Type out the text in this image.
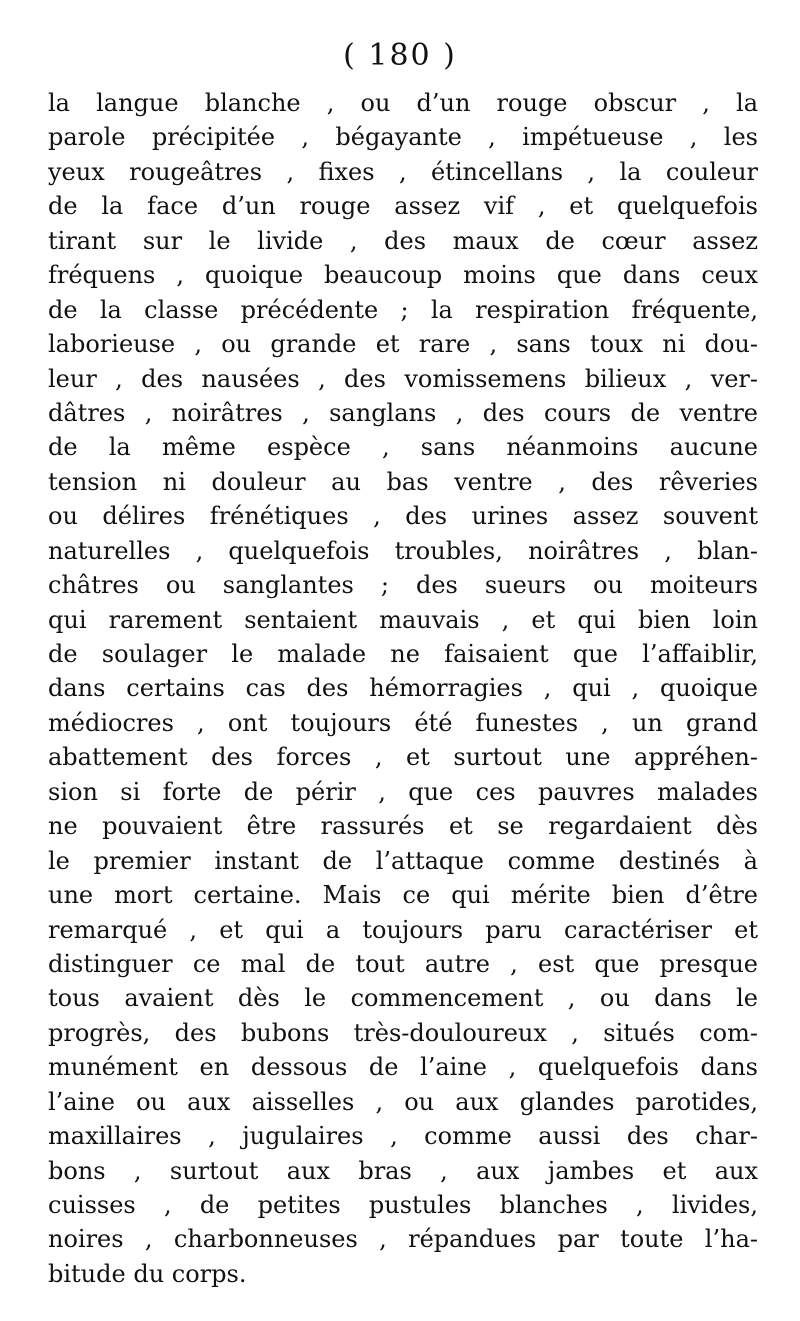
( 180 )
la langue blanche , ou d’un rouge obscur , la
parole précipitée , bégayante , impétueuse , les
yeux rougeâtres , fixes , étincellans , la couleur
de la face d’un rouge assez vif , et quelquefois
tirant sur le livide , des maux de cœur assez
fréquens , quoique beaucoup moins que dans ceux
de la classe précédente ; la respiration fréquente,
laborieuse , ou grande et rare , sans toux ni dou-
leur , des nausées , des vomissemens bilieux , ver-
dâtres , noirâtres , sanglans , des cours de ventre
de la même espèce , sans néanmoins aucune
tension ni douleur au bas ventre , des rêveries
ou délires frénétiques , des urines assez souvent
naturelles , quelquefois troubles, noirâtres , blan-
châtres ou sanglantes ; des sueurs ou moiteurs
qui rarement sentaient mauvais , et qui bien loin
de soulager le malade ne faisaient que l’affaiblir,
dans certains cas des hémorragies , qui , quoique
médiocres , ont toujours été funestes , un grand
abattement des forces , et surtout une appréhen-
sion si forte de périr , que ces pauvres malades
ne pouvaient être rassurés et se regardaient dès
le premier instant de l’attaque comme destinés à
une mort certaine. Mais ce qui mérite bien d’être
remarqué , et qui a toujours paru caractériser et
distinguer ce mal de tout autre , est que presque
tous avaient dès le commencement , ou dans le
progrès, des bubons très-douloureux , situés com-
munément en dessous de l’aine , quelquefois dans
l’aine ou aux aisselles , ou aux glandes parotides,
maxillaires , jugulaires , comme aussi des char-
bons , surtout aux bras , aux jambes et aux
cuisses , de petites pustules blanches , livides,
noires , charbonneuses , répandues par toute l’ha-
bitude du corps.
